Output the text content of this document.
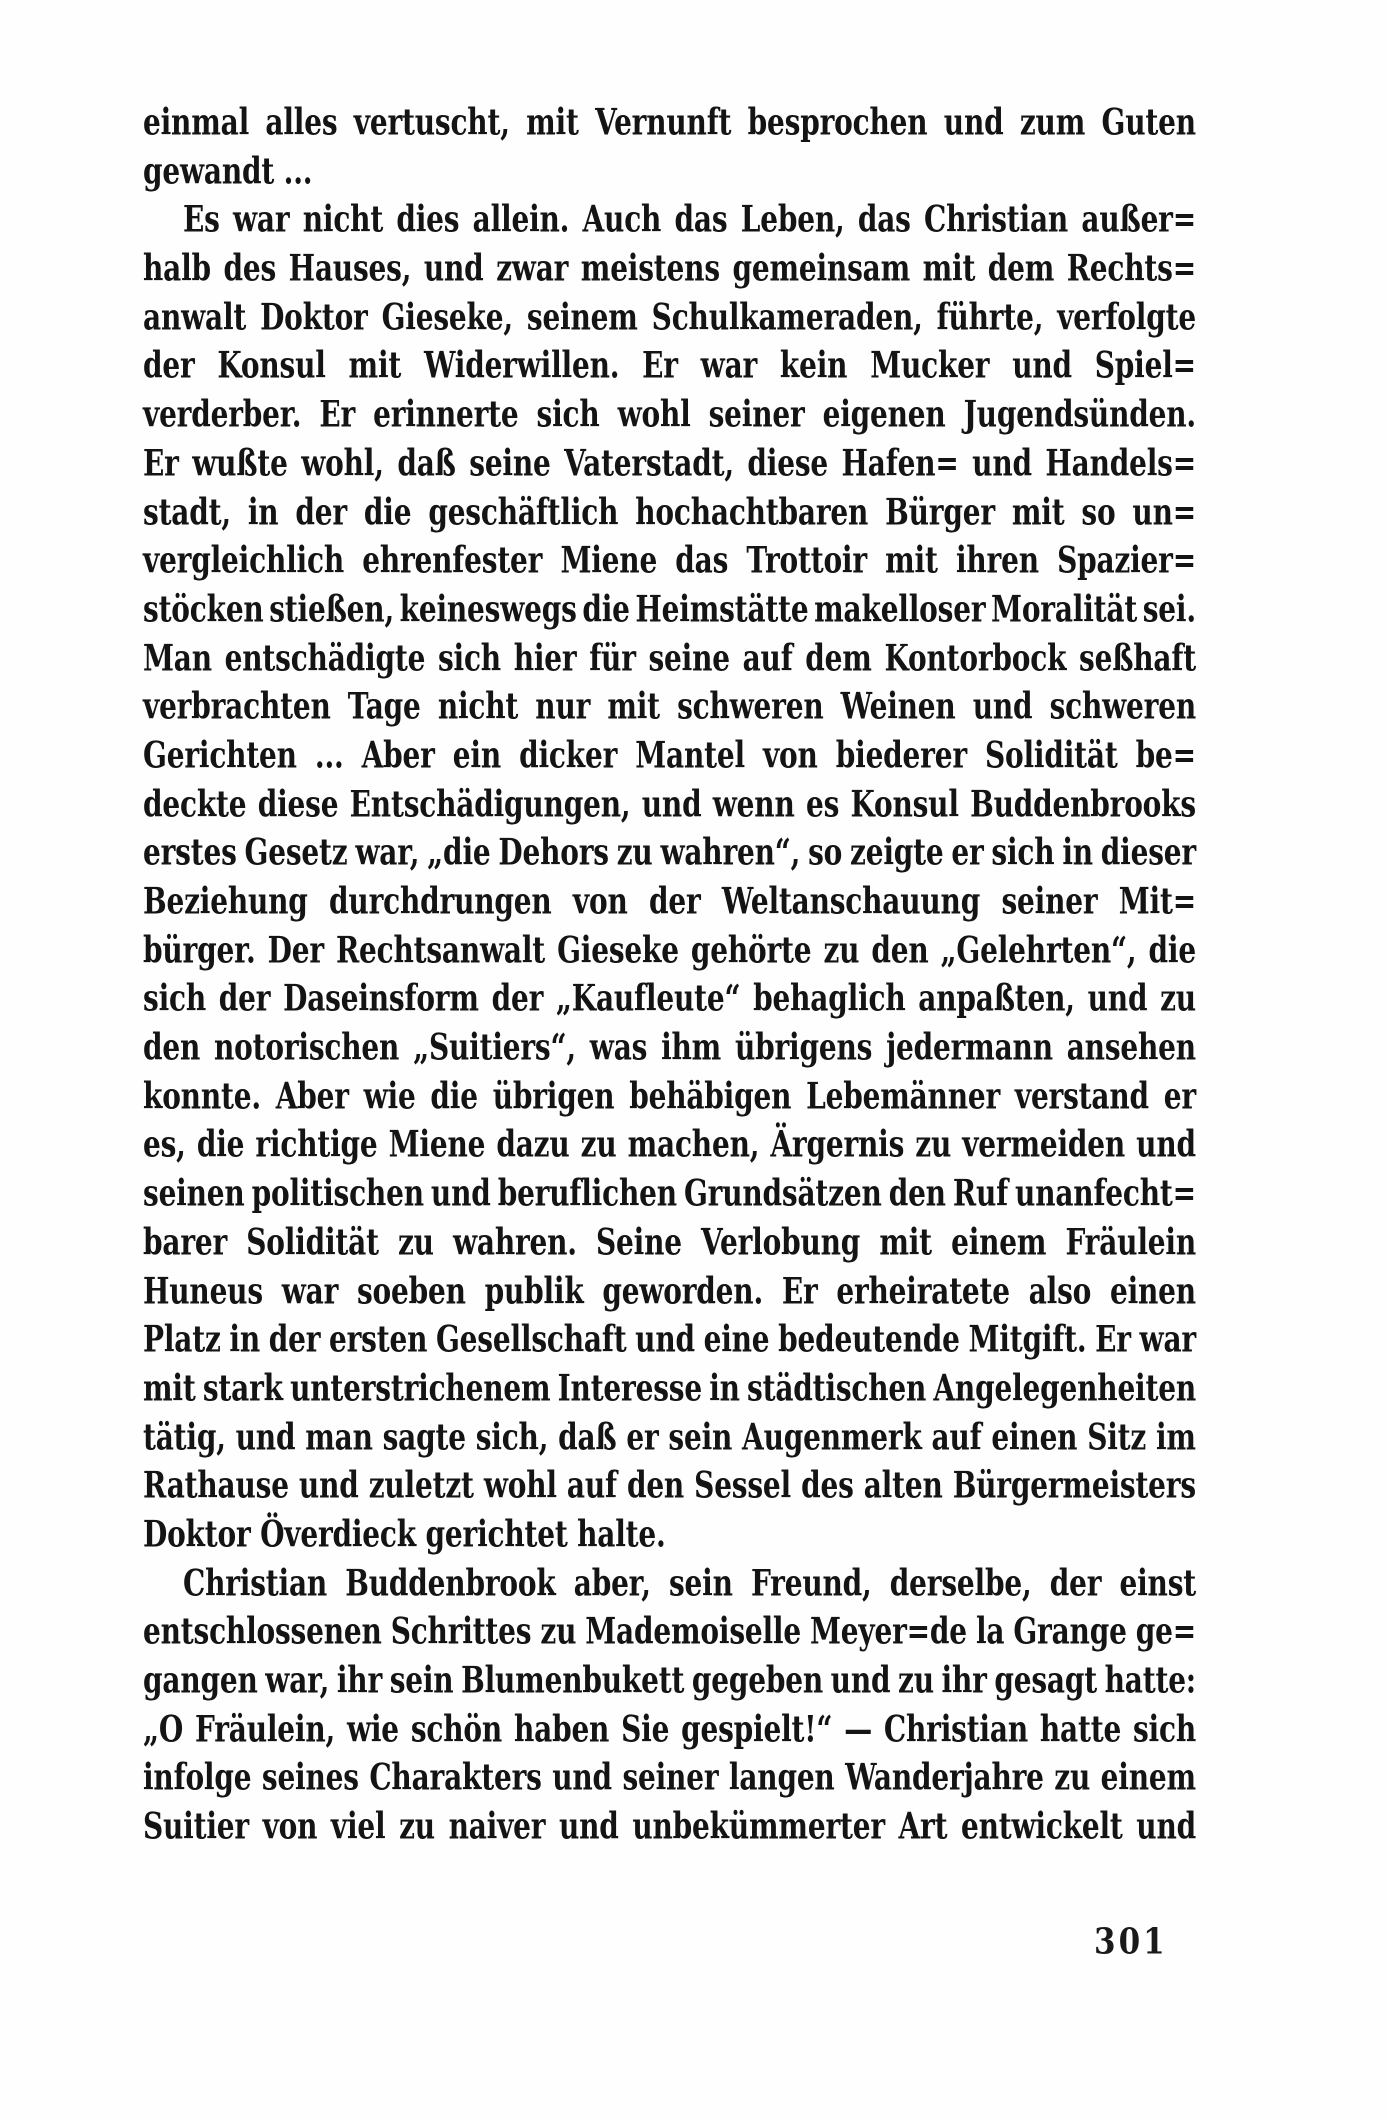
einmal alles vertuscht, mit Vernunft besprochen und zum Guten
gewandt ...
Es war nicht dies allein. Auch das Leben, das Christian außer=
halb des Hauses, und zwar meistens gemeinsam mit dem Rechts=
anwalt Doktor Gieseke, seinem Schulkameraden, führte, verfolgte
der Konsul mit Widerwillen. Er war kein Mucker und Spiel=
verderber. Er erinnerte sich wohl seiner eigenen Jugendsünden.
Er wußte wohl, daß seine Vaterstadt, diese Hafen= und Handels=
stadt, in der die geschäftlich hochachtbaren Bürger mit so un=
vergleichlich ehrenfester Miene das Trottoir mit ihren Spazier=
stöcken stießen, keineswegs die Heimstätte makelloser Moralität sei.
Man entschädigte sich hier für seine auf dem Kontorbock seßhaft
verbrachten Tage nicht nur mit schweren Weinen und schweren
Gerichten ... Aber ein dicker Mantel von biederer Solidität be=
deckte diese Entschädigungen, und wenn es Konsul Buddenbrooks
erstes Gesetz war, „die Dehors zu wahren“, so zeigte er sich in dieser
Beziehung durchdrungen von der Weltanschauung seiner Mit=
bürger. Der Rechtsanwalt Gieseke gehörte zu den „Gelehrten“, die
sich der Daseinsform der „Kaufleute“ behaglich anpaßten, und zu
den notorischen „Suitiers“, was ihm übrigens jedermann ansehen
konnte. Aber wie die übrigen behäbigen Lebemänner verstand er
es, die richtige Miene dazu zu machen, Ärgernis zu vermeiden und
seinen politischen und beruflichen Grundsätzen den Ruf unanfecht=
barer Solidität zu wahren. Seine Verlobung mit einem Fräulein
Huneus war soeben publik geworden. Er erheiratete also einen
Platz in der ersten Gesellschaft und eine bedeutende Mitgift. Er war
mit stark unterstrichenem Interesse in städtischen Angelegenheiten
tätig, und man sagte sich, daß er sein Augenmerk auf einen Sitz im
Rathause und zuletzt wohl auf den Sessel des alten Bürgermeisters
Doktor Överdieck gerichtet halte.
Christian Buddenbrook aber, sein Freund, derselbe, der einst
entschlossenen Schrittes zu Mademoiselle Meyer=de la Grange ge=
gangen war, ihr sein Blumenbukett gegeben und zu ihr gesagt hatte:
„O Fräulein, wie schön haben Sie gespielt!“ — Christian hatte sich
infolge seines Charakters und seiner langen Wanderjahre zu einem
Suitier von viel zu naiver und unbekümmerter Art entwickelt und
301
